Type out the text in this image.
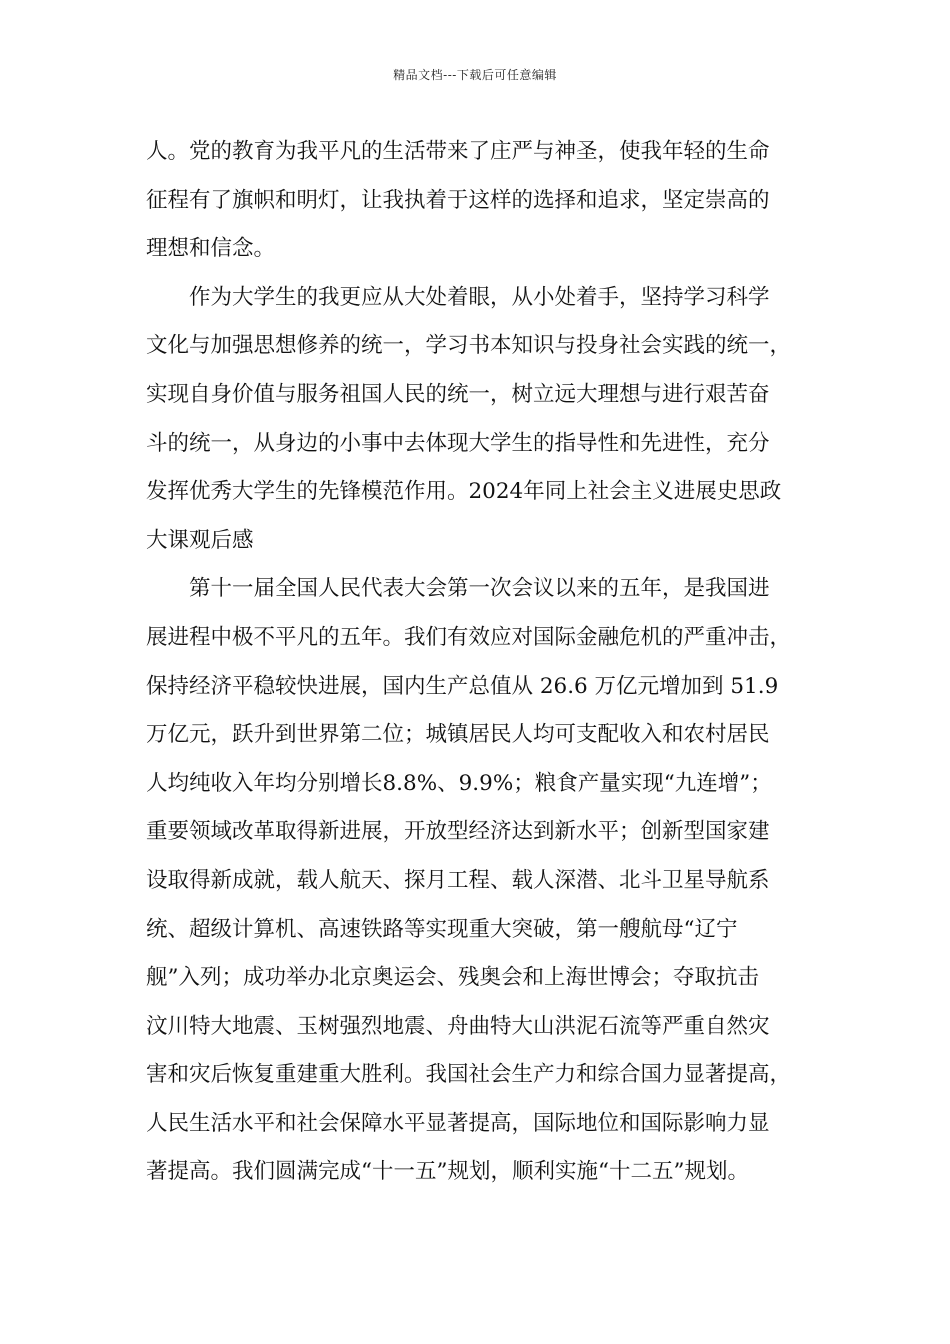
精品文档---下载后可任意编辑
人。党的教育为我平凡的生活带来了庄严与神圣，使我年轻的生命
征程有了旗帜和明灯，让我执着于这样的选择和追求，坚定崇高的
理想和信念。
作为大学生的我更应从大处着眼，从小处着手，坚持学习科学
文化与加强思想修养的统一，学习书本知识与投身社会实践的统一，
实现自身价值与服务祖国人民的统一，树立远大理想与进行艰苦奋
斗的统一，从身边的小事中去体现大学生的指导性和先进性，充分
发挥优秀大学生的先锋模范作用。2024年同上社会主义进展史思政
大课观后感
第十一届全国人民代表大会第一次会议以来的五年，是我国进
展进程中极不平凡的五年。我们有效应对国际金融危机的严重冲击，
保持经济平稳较快进展，国内生产总值从 26.6 万亿元增加到 51.9
万亿元，跃升到世界第二位；城镇居民人均可支配收入和农村居民
人均纯收入年均分别增长8.8%、9.9%；粮食产量实现“九连增”；
重要领域改革取得新进展，开放型经济达到新水平；创新型国家建
设取得新成就，载人航天、探月工程、载人深潜、北斗卫星导航系
统、超级计算机、高速铁路等实现重大突破，第一艘航母“辽宁
舰”入列；成功举办北京奥运会、残奥会和上海世博会；夺取抗击
汶川特大地震、玉树强烈地震、舟曲特大山洪泥石流等严重自然灾
害和灾后恢复重建重大胜利。我国社会生产力和综合国力显著提高，
人民生活水平和社会保障水平显著提高，国际地位和国际影响力显
著提高。我们圆满完成“十一五”规划，顺利实施“十二五”规划。
